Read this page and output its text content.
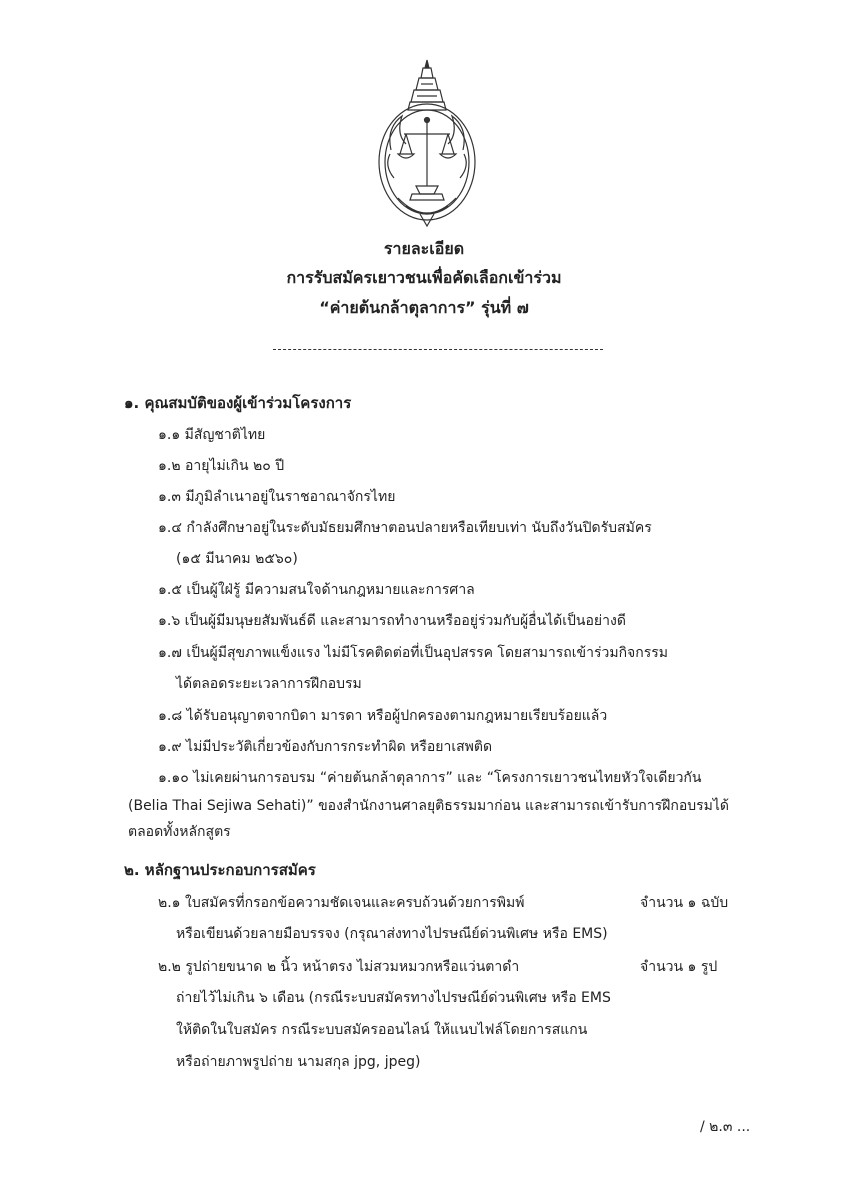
รายละเอียด
การรับสมัครเยาวชนเพื่อคัดเลือกเข้าร่วม
“ค่ายต้นกล้าตุลาการ” รุ่นที่ ๗
๑. คุณสมบัติของผู้เข้าร่วมโครงการ
๑.๑ มีสัญชาติไทย
๑.๒ อายุไม่เกิน ๒๐ ปี
๑.๓ มีภูมิลำเนาอยู่ในราชอาณาจักรไทย
๑.๔ กำลังศึกษาอยู่ในระดับมัธยมศึกษาตอนปลายหรือเทียบเท่า นับถึงวันปิดรับสมัคร
(๑๕ มีนาคม ๒๕๖๐)
๑.๕ เป็นผู้ใฝ่รู้ มีความสนใจด้านกฎหมายและการศาล
๑.๖ เป็นผู้มีมนุษยสัมพันธ์ดี และสามารถทำงานหรืออยู่ร่วมกับผู้อื่นได้เป็นอย่างดี
๑.๗ เป็นผู้มีสุขภาพแข็งแรง ไม่มีโรคติดต่อที่เป็นอุปสรรค โดยสามารถเข้าร่วมกิจกรรม
ได้ตลอดระยะเวลาการฝึกอบรม
๑.๘ ได้รับอนุญาตจากบิดา มารดา หรือผู้ปกครองตามกฎหมายเรียบร้อยแล้ว
๑.๙ ไม่มีประวัติเกี่ยวข้องกับการกระทำผิด หรือยาเสพติด
๑.๑๐ ไม่เคยผ่านการอบรม “ค่ายต้นกล้าตุลาการ” และ “โครงการเยาวชนไทยหัวใจเดียวกัน
(Belia Thai Sejiwa Sehati)” ของสำนักงานศาลยุติธรรมมาก่อน และสามารถเข้ารับการฝึกอบรมได้
ตลอดทั้งหลักสูตร
๒. หลักฐานประกอบการสมัคร
๒.๑ ใบสมัครที่กรอกข้อความชัดเจนและครบถ้วนด้วยการพิมพ์	จำนวน ๑ ฉบับ
หรือเขียนด้วยลายมือบรรจง (กรุณาส่งทางไปรษณีย์ด่วนพิเศษ หรือ EMS)
๒.๒ รูปถ่ายขนาด ๒ นิ้ว หน้าตรง ไม่สวมหมวกหรือแว่นตาดำ	จำนวน ๑ รูป
ถ่ายไว้ไม่เกิน ๖ เดือน (กรณีระบบสมัครทางไปรษณีย์ด่วนพิเศษ หรือ EMS
ให้ติดในใบสมัคร กรณีระบบสมัครออนไลน์ ให้แนบไฟล์โดยการสแกน
หรือถ่ายภาพรูปถ่าย นามสกุล jpg, jpeg)
/ ๒.๓ ...
